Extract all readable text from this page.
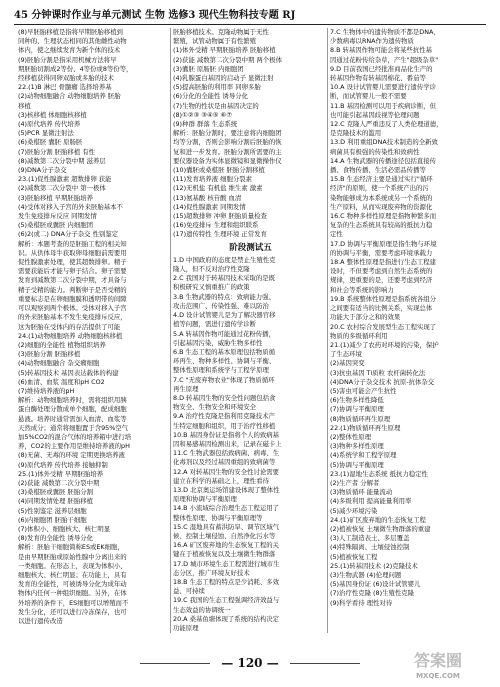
45 分钟课时作业与单元测试 生物 选修3 现代生物科技专题 RJ

(8)早胚胎移植是指将早期胚胎移植到

同种的、生理状态相同的其他雌性动物

体内，使之继续发育为新个体的技术

(9)胚胎分割是指采用机械方法将早

期胚胎切割成2等份、4等份或8等份等，

经移植获得同卵双胎或多胎的技术

22.(1)B 淋巴 骨髓瘤 选择培养基

(2)动物细胞融合 动物细胞培养 胚胎

移植

(3)核移植 体细胞核移植

(4)原代培养 传代培养

(5)PCR 显微注射法

(6)桑椹胚 囊胚 原肠胚

(7)胚胎分割 胚胎移植 有性

(8)减数第二次分裂中期 滋养层

(9)DNA分子杂交

23.(1)促性腺激素 超数排卵 获能

(2)减数第二次分裂中 第一极体

(3)胚胎移植 早期胚胎培养

(4)受体对移入子宫的外来胚胎基本不

发生免疫排斥反应 同期发情

(5)桑椹胚或囊胚 内细胞团

(6)2(或二) DNA分子杂交 性别鉴定

解析：本题考查的是胚胎工程的相关知

识。从供体母牛获取卵母细胞前需要用

促性腺激素处理，使其超数排卵。精子

需要获能后才能与卵子结合。卵子需要

发育到减数第二次分裂中期，才具备与

精子受精的能力。判断卵子是否受精的

重要标志是在卵细胞膜和透明带的间隙

可以观察到两个极体。受体对移入子宫

的外来胚胎基本不发生免疫排斥反应，

这为胚胎在受体内的存活提供了可能

24.(1)动物细胞培养 动物细胞核移植

(2)细胞的全能性 植物组织培养

(3)胚胎分割 胚胎移植

(4)动物细胞融合 杂交瘤细胞

(5)转基因技术 基因表达载体的构建

(6)血清、血浆 温度和pH CO2

(7)维持培养液的pH

解析：动物细胞培养时，需将组织用胰

蛋白酶处理分散成单个细胞，配成细胞

悬液。培养时通常需加入血清、血浆等

天然成分；通常将细胞置于含95%空气

加5%CO2的混合气体的培养箱中进行培

养，CO2的主要作用是维持培养液的pH

(8)无菌、无毒的环境 定期更换培养液

(9)原代培养 传代培养 接触抑制

25.(1)体外受精 早期胚胎培养

(2)获能 减数第二次分裂中期

(3)桑椹胚或囊胚 胚胎分割

(4)同期发情处理 胚胎移植

(5)性别鉴定 滋养层细胞

(6)内细胞团 胚胎干细胞

(7)体积小、细胞核大、核仁明显

(8)发育的全能性 诱导分化

解析：胚胎干细胞简称ES或EK细胞，

是由早期胚胎或原始性腺中分离出来的

一类细胞。在形态上，表现为体积小、

细胞核大、核仁明显；在功能上，具有

发育的全能性，可被诱导分化为成年动

物体内任何一种组织细胞。另外，在体

外培养的条件下，ES细胞可以增殖而不

发生分化，还可以进行冷冻保存，也可

以进行遗传改造

胚胎移植技术。克隆动物属于无性

繁殖，试管动物属于有性繁殖

(1)体外受精 早期胚胎培养 胚胎移植

(2)获能 减数第二次分裂中期 两个极体

(3)囊胚 原肠胚 内细胞团

(4)乳腺蛋白基因的启动子 显微注射

(5)提高胚胎的利用率 同卵多胎

(6)分化的全能性 诱导分化

(7)生物的性状是由基因决定的

(8)①②③ ③④⑤ ⑥⑦

(9)种群 群落 生态系统

解析：胚胎分割时，要注意将内细胞团

均等分割，否则会影响分割后胚胎的恢

复和进一步发育。胚胎分割所需要的主

要仪器设备为实体显微镜和显微操作仪

(10)囊胚或桑椹胚 胚胎分割移植

(11)发育培养液 细胞分裂素

(12)无机盐 有机盐 维生素 激素

(13)氨基酸 核苷酸 血清

(14)促性腺激素 同期发情

(15)超数排卵 冲卵 胚胎质量检查

(16)免疫排斥 生理和组织联系

(17)遗传特性 生理环境 正常发育

阶段测试五

1.D 中国政府的态度是禁止生殖性克

隆人，但不反对治疗性克隆

2.C 我国对于转基因技术采取的是既

积极研究又慎重推广的政策

3.B 生物武器的特点：致病能力强、

攻击范围广、传染性强、难以防治

4.D 设计试管婴儿是为了解决器官移

植等问题，需进行遗传学诊断

5.A 转基因作物可能通过花粉传播，

引起基因污染，威胁生物多样性

6.B 生态工程的基本原理包括物质循

环再生、物种多样性、协调与平衡、

整体性原理和系统学与工程学原理

7.C "无废弃物农业"体现了物质循环

再生原理

8.D 转基因生物的安全性问题包括食

物安全、生物安全和环境安全

9.A 治疗性克隆是指利用克隆技术产

生特定细胞和组织，用于治疗性移植

10.B 基因身份证是指将个人的致病基

因和易感基因检测出来，记录在磁卡上

11.C 生物武器包括致病菌、病毒、生

化毒剂以及经过基因重组的致病菌等

12.A 对转基因生物的安全性讨论需要

建立在科学的基础之上，理性看待

13.D 北京奥运场馆建设体现了整体性

原理和协调与平衡原理

14.B 小流域综合治理生态工程运用了

整体性原理、协调与平衡原理等

15.C 湿地具有蓄洪防旱、调节区域气

候、控制土壤侵蚀、自然净化污水等

16.A 矿区废弃地的生态恢复工程的关

键在于植被恢复以及土壤微生物群落

17.D 城市环境生态工程需进行城市生

态分区，推广环境友好技术

18.B 生态工程的特点是少消耗、多效

益、可持续

19.C 我国的生态工程强调经济效益与

生态效益的协调统一

20.A 桑基鱼塘体现了系统的结构决定

功能原理

7.C 生物体中的遗传物质不都是DNA，

少数病毒以RNA作为遗传物质

8.B 转基因作物可能会将某些抗性基

因通过花粉传给杂草，产生"超级杂草"

9.D 目前我国已经批准商品化生产的

转基因作物有转基因棉花、番茄等

10.A 设计试管婴儿需要进行遗传学诊

断，而试管婴儿一般不需要

11.B 基因检测可以用于疾病诊断，但

也可能引起基因歧视等伦理问题

12.C 克隆人严重违反了人类伦理道德，

是克隆技术的滥用

13.D 利用重组DNA技术制造的全新致

病菌具有极强的传染性和致病性

14.A 生物武器的传播途径包括直接传

播、食物传播、生活必需品传播等

15.B 生态经济主要是通过实行"循环

经济"的原则，使一个系统产出的污

染物能够成为本系统或另一个系统的

生产原料，从而实现废弃物的资源化

16.C 物种多样性原理是指物种繁多而

复杂的生态系统具有较高的抵抗力稳

定性

17.D 协调与平衡原理是指生物与环境

的协调与平衡，需要考虑环境承载力

18.A 整体性原理是指进行生态工程建

设时，不但要考虑到自然生态系统的

规律，更重要的是，还要考虑到经济

和社会等系统的影响力

19.B 系统整体性原理是指系统各组分

之间要有适当的比例关系，实现总体

功能大于部分之和的效果

20.C 农村综合发展型生态工程实现了

物质的多级循环利用

21.(1)减少了农药对环境的污染，保护

了生态环境

(2)基因突变

(3)抗虫基因 Ti质粒 农杆菌转化法

(4)DNA分子杂交技术 抗原-抗体杂交

(5)害虫可能会产生抗性

(6)生物多样性降低

(7)协调与平衡原理

(8)物质循环再生原理

22.(1)物质循环再生原理

(2)整体性原理

(3)物种多样性原理

(4)系统学和工程学原理

(5)协调与平衡原理

23.(1)湿地生态系统 抵抗力稳定性

(2)生产者 分解者

(3)物质循环 能量流动

(4)多级利用 提高能量利用率

(5)减少环境污染

24.(1)矿区废弃地的生态恢复工程

(2)植被恢复 土壤微生物群落的重建

(3)人工制造表土、多层覆盖

(4)特殊隔离、土壤侵蚀控制

(5)植被恢复工程

25.(1)转基因技术 (2)克隆技术

(3)生物武器 (4)伦理问题

(5)基因身份证 (6)设计试管婴儿

(7)治疗性克隆 (8)生殖性克隆

(9)科学看待 理性对待

— 120 —	答案圈
MXQE.COM
